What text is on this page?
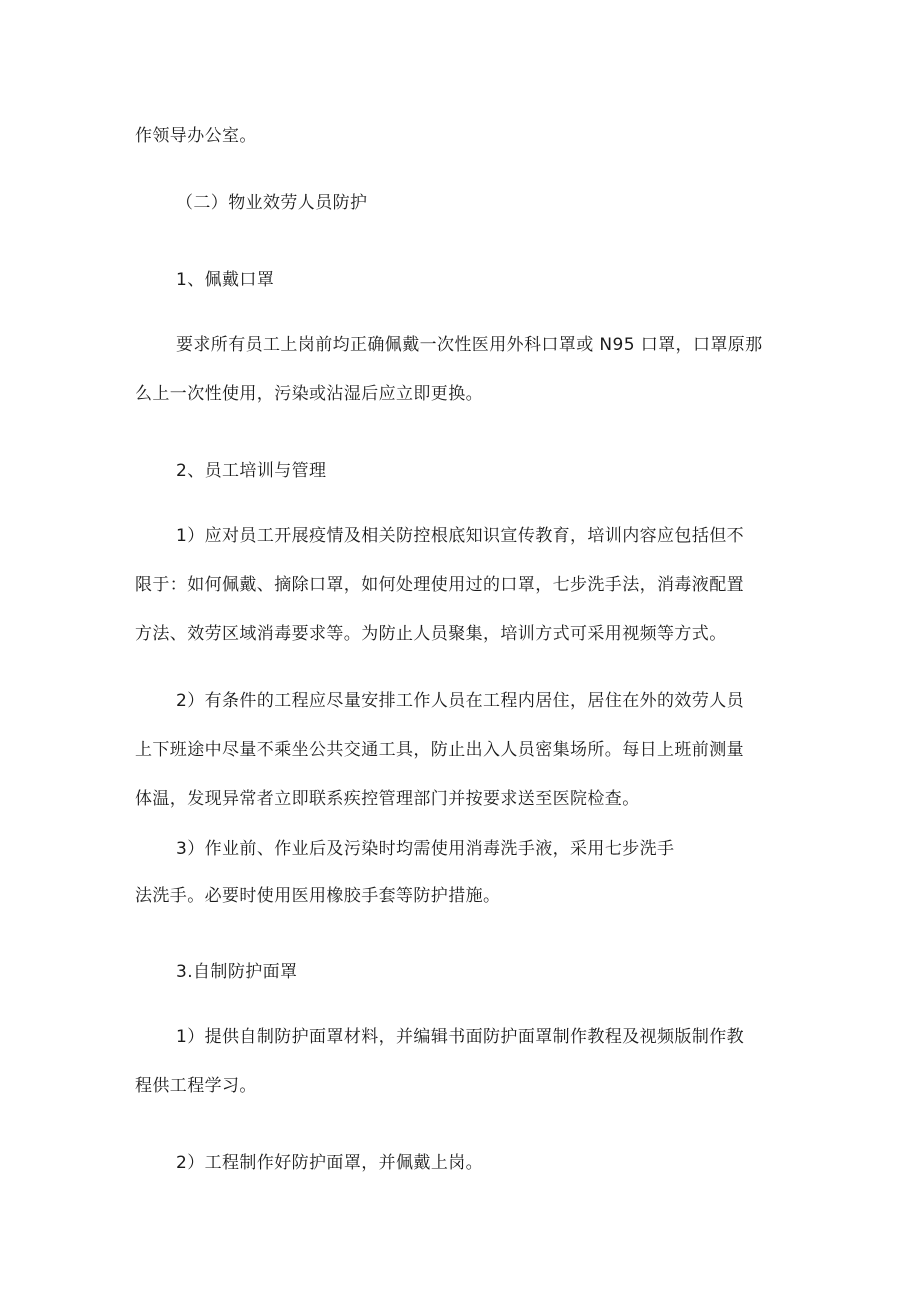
作领导办公室。
（二）物业效劳人员防护
1、佩戴口罩
要求所有员工上岗前均正确佩戴一次性医用外科口罩或 N95 口罩，口罩原那
么上一次性使用，污染或沾湿后应立即更换。
2、员工培训与管理
1）应对员工开展疫情及相关防控根底知识宣传教育，培训内容应包括但不
限于：如何佩戴、摘除口罩，如何处理使用过的口罩，七步洗手法，消毒液配置
方法、效劳区域消毒要求等。为防止人员聚集，培训方式可采用视频等方式。
2）有条件的工程应尽量安排工作人员在工程内居住，居住在外的效劳人员
上下班途中尽量不乘坐公共交通工具，防止出入人员密集场所。每日上班前测量
体温，发现异常者立即联系疾控管理部门并按要求送至医院检查。
3）作业前、作业后及污染时均需使用消毒洗手液，采用七步洗手
法洗手。必要时使用医用橡胶手套等防护措施。
3.自制防护面罩
1）提供自制防护面罩材料，并编辑书面防护面罩制作教程及视频版制作教
程供工程学习。
2）工程制作好防护面罩，并佩戴上岗。
